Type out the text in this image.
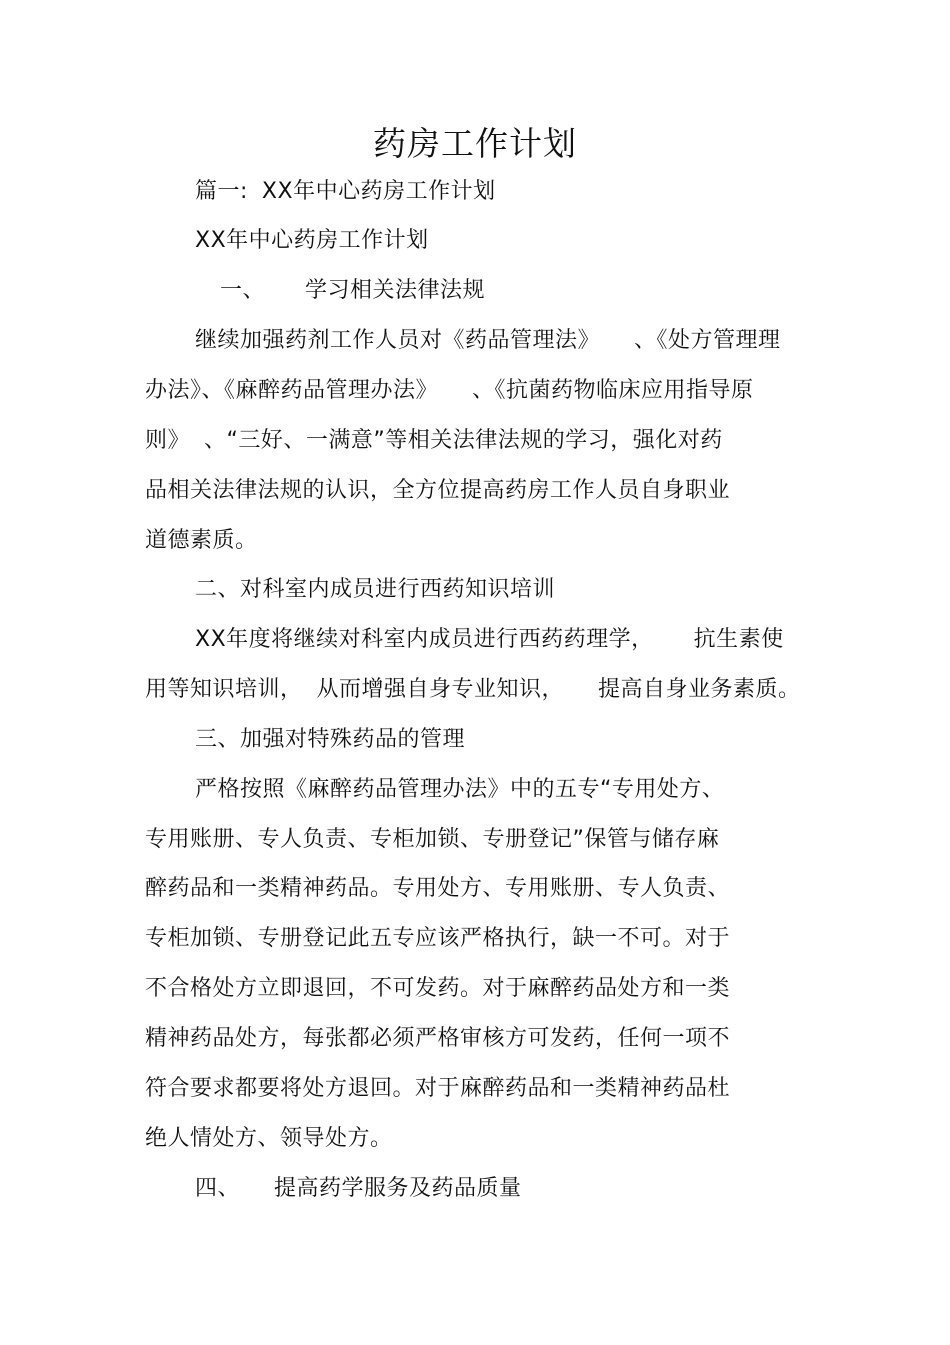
药房工作计划
篇一: XX年中心药房工作计划
XX年中心药房工作计划
一、 学习相关法律法规
继续加强药剂工作人员对《药品管理法》 、《处方管理理
办法》、《麻醉药品管理办法》 、《抗菌药物临床应用指导原
则》 、“三好、一满意”等相关法律法规的学习，强化对药
品相关法律法规的认识，全方位提高药房工作人员自身职业
道德素质。
二、对科室内成员进行西药知识培训
XX年度将继续对科室内成员进行西药药理学， 抗生素使
用等知识培训， 从而增强自身专业知识， 提高自身业务素质。
三、加强对特殊药品的管理
严格按照《麻醉药品管理办法》中的五专“专用处方、
专用账册、专人负责、专柜加锁、专册登记”保管与储存麻
醉药品和一类精神药品。专用处方、专用账册、专人负责、
专柜加锁、专册登记此五专应该严格执行，缺一不可。对于
不合格处方立即退回，不可发药。对于麻醉药品处方和一类
精神药品处方，每张都必须严格审核方可发药，任何一项不
符合要求都要将处方退回。对于麻醉药品和一类精神药品杜
绝人情处方、领导处方。
四、 提高药学服务及药品质量
